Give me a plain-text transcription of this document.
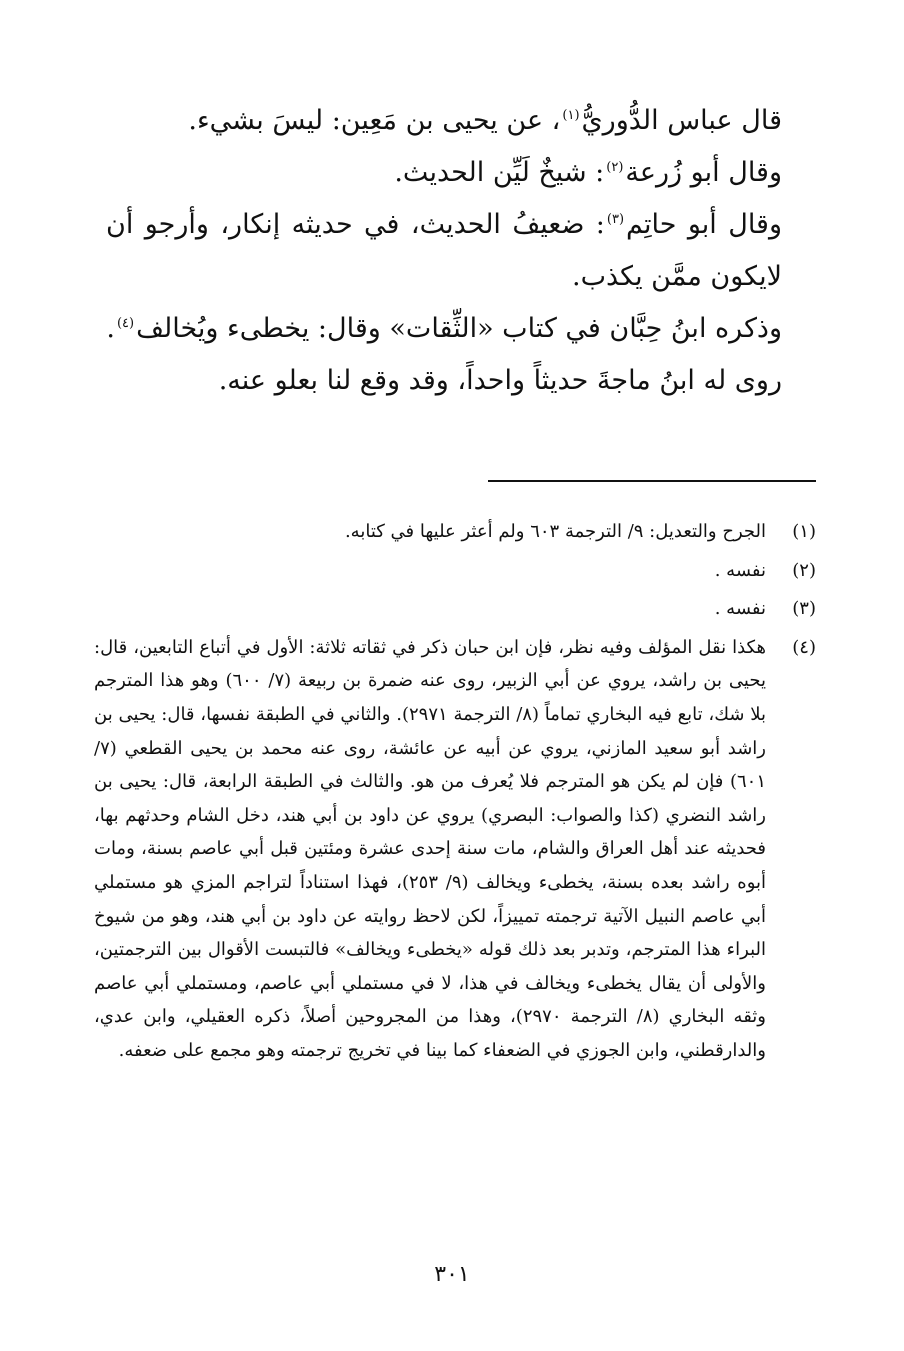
قال عباس الدُّوريُّ$^{(١)}$، عن يحيى بن مَعِين: ليسَ بشيء.

وقال أبو زُرعة$^{(٢)}$: شيخٌ لَيِّن الحديث.

وقال أبو حاتِم$^{(٣)}$: ضعيفُ الحديث، في حديثه إنكار، وأرجو أن لايكون ممَّن يكذب.

وذكره ابنُ حِبَّان في كتاب «الثِّقات» وقال: يخطىء ويُخالف$^{(٤)}$.

روى له ابنُ ماجةَ حديثاً واحداً، وقد وقع لنا بعلو عنه.

(١)
الجرح والتعديل: ٩/ الترجمة ٦٠٣ ولم أعثر عليها في كتابه.
(٢)
نفسه .
(٣)
نفسه .
(٤)
هكذا نقل المؤلف وفيه نظر، فإن ابن حبان ذكر في ثقاته ثلاثة: الأول في أتباع التابعين، قال: يحيى بن راشد، يروي عن أبي الزبير، روى عنه ضمرة بن ربيعة (٧/ ٦٠٠) وهو هذا المترجم بلا شك، تابع فيه البخاري تماماً (٨/ الترجمة ٢٩٧١). والثاني في الطبقة نفسها، قال: يحيى بن راشد أبو سعيد المازني، يروي عن أبيه عن عائشة، روى عنه محمد بن يحيى القطعي (٧/ ٦٠١) فإن لم يكن هو المترجم فلا يُعرف من هو. والثالث في الطبقة الرابعة، قال: يحيى بن راشد النضري (كذا والصواب: البصري) يروي عن داود بن أبي هند، دخل الشام وحدثهم بها، فحديثه عند أهل العراق والشام، مات سنة إحدى عشرة ومئتين قبل أبي عاصم بسنة، ومات أبوه راشد بعده بسنة، يخطىء ويخالف (٩/ ٢٥٣)، فهذا استناداً لتراجم المزي هو مستملي أبي عاصم النبيل الآتية ترجمته تمييزاً، لكن لاحظ روايته عن داود بن أبي هند، وهو من شيوخ البراء هذا المترجم، وتدبر بعد ذلك قوله «يخطىء ويخالف» فالتبست الأقوال بين الترجمتين، والأولى أن يقال يخطىء ويخالف في هذا، لا في مستملي أبي عاصم، ومستملي أبي عاصم وثقه البخاري (٨/ الترجمة ٢٩٧٠)، وهذا من المجروحين أصلاً، ذكره العقيلي، وابن عدي، والدارقطني، وابن الجوزي في الضعفاء كما بينا في تخريج ترجمته وهو مجمع على ضعفه.
٣٠١
